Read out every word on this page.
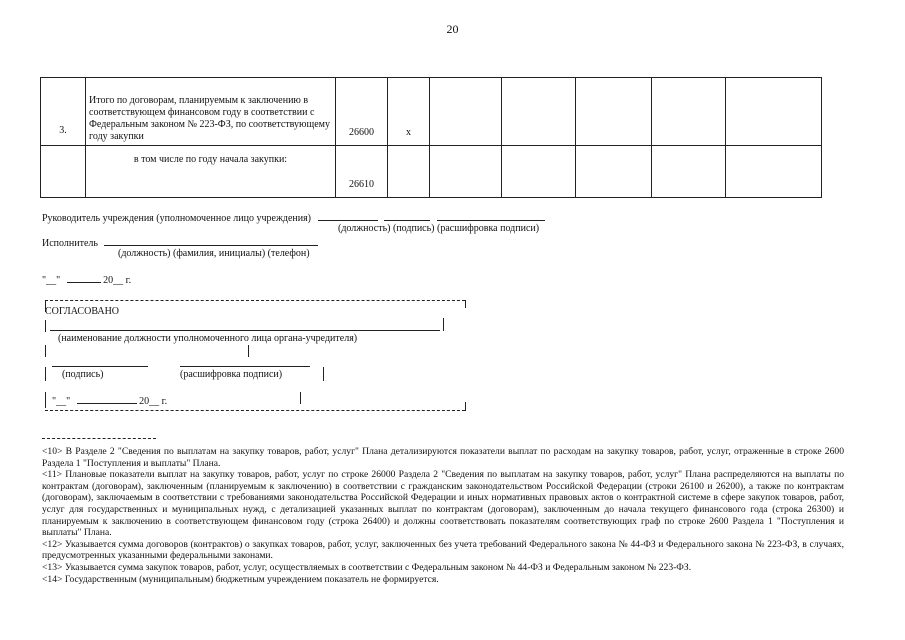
20
3.	Итого по договорам, планируемым к заключению в соответствующем финансовом году в соответствии с Федеральным законом № 223-ФЗ, по соответствующему году закупки	26600	x					
	в том числе по году начала закупки:	26610						
Руководитель учреждения (уполномоченное лицо учреждения)
(должность) (подпись) (расшифровка подписи)
Исполнитель
(должность) (фамилия, инициалы) (телефон)
"__"	20__ г.
СОГЛАСОВАНО
(наименование должности уполномоченного лица органа-учредителя)
(подпись)	(расшифровка подписи)
"__"	20__ г.

<10> В Разделе 2 "Сведения по выплатам на закупку товаров, работ, услуг" Плана детализируются показатели выплат по расходам на закупку товаров, работ, услуг, отраженные в строке 2600 Раздела 1 "Поступления и выплаты" Плана.

<11> Плановые показатели выплат на закупку товаров, работ, услуг по строке 26000 Раздела 2 "Сведения по выплатам на закупку товаров, работ, услуг" Плана распределяются на выплаты по контрактам (договорам), заключенным (планируемым к заключению) в соответствии с гражданским законодательством Российской Федерации (строки 26100 и 26200), а также по контрактам (договорам), заключаемым в соответствии с требованиями законодательства Российской Федерации и иных нормативных правовых актов о контрактной системе в сфере закупок товаров, работ, услуг для государственных и муниципальных нужд, с детализацией указанных выплат по контрактам (договорам), заключенным до начала текущего финансового года (строка 26300) и планируемым к заключению в соответствующем финансовом году (строка 26400) и должны соответствовать показателям соответствующих граф по строке 2600 Раздела 1 "Поступления и выплаты" Плана.

<12> Указывается сумма договоров (контрактов) о закупках товаров, работ, услуг, заключенных без учета требований Федерального закона № 44-ФЗ и Федерального закона № 223-ФЗ, в случаях, предусмотренных указанными федеральными законами.

<13> Указывается сумма закупок товаров, работ, услуг, осуществляемых в соответствии с Федеральным законом № 44-ФЗ и Федеральным законом № 223-ФЗ.

<14> Государственным (муниципальным) бюджетным учреждением показатель не формируется.
